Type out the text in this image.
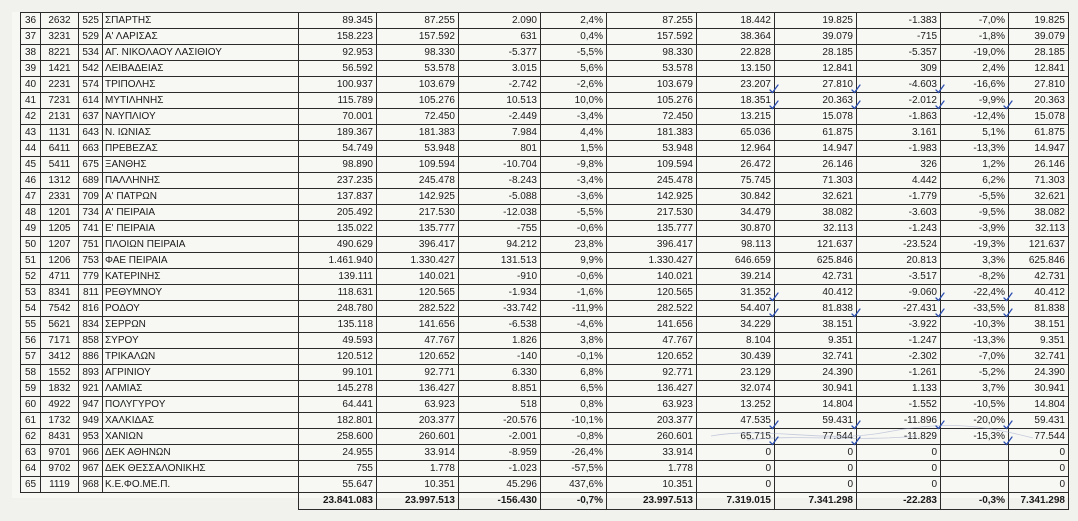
36	2632	525	ΣΠΑΡΤΗΣ	89.345	87.255	2.090	2,4%	87.255	18.442	19.825	-1.383	-7,0%	19.825
37	3231	529	Α' ΛΑΡΙΣΑΣ	158.223	157.592	631	0,4%	157.592	38.364	39.079	-715	-1,8%	39.079
38	8221	534	ΑΓ. ΝΙΚΟΛΑΟΥ ΛΑΣΙΘΙΟΥ	92.953	98.330	-5.377	-5,5%	98.330	22.828	28.185	-5.357	-19,0%	28.185
39	1421	542	ΛΕΙΒΑΔΕΙΑΣ	56.592	53.578	3.015	5,6%	53.578	13.150	12.841	309	2,4%	12.841
40	2231	574	ΤΡΙΠΟΛΗΣ	100.937	103.679	-2.742	-2,6%	103.679	23.207	27.810	-4.603	-16,6%	27.810
41	7231	614	ΜΥΤΙΛΗΝΗΣ	115.789	105.276	10.513	10,0%	105.276	18.351	20.363	-2.012	-9,9%	20.363
42	2131	637	ΝΑΥΠΛΙΟΥ	70.001	72.450	-2.449	-3,4%	72.450	13.215	15.078	-1.863	-12,4%	15.078
43	1131	643	Ν. ΙΩΝΙΑΣ	189.367	181.383	7.984	4,4%	181.383	65.036	61.875	3.161	5,1%	61.875
44	6411	663	ΠΡΕΒΕΖΑΣ	54.749	53.948	801	1,5%	53.948	12.964	14.947	-1.983	-13,3%	14.947
45	5411	675	ΞΑΝΘΗΣ	98.890	109.594	-10.704	-9,8%	109.594	26.472	26.146	326	1,2%	26.146
46	1312	689	ΠΑΛΛΗΝΗΣ	237.235	245.478	-8.243	-3,4%	245.478	75.745	71.303	4.442	6,2%	71.303
47	2331	709	Α' ΠΑΤΡΩΝ	137.837	142.925	-5.088	-3,6%	142.925	30.842	32.621	-1.779	-5,5%	32.621
48	1201	734	Α' ΠΕΙΡΑΙΑ	205.492	217.530	-12.038	-5,5%	217.530	34.479	38.082	-3.603	-9,5%	38.082
49	1205	741	Ε' ΠΕΙΡΑΙΑ	135.022	135.777	-755	-0,6%	135.777	30.870	32.113	-1.243	-3,9%	32.113
50	1207	751	ΠΛΟΙΩΝ ΠΕΙΡΑΙΑ	490.629	396.417	94.212	23,8%	396.417	98.113	121.637	-23.524	-19,3%	121.637
51	1206	753	ΦΑΕ ΠΕΙΡΑΙΑ	1.461.940	1.330.427	131.513	9,9%	1.330.427	646.659	625.846	20.813	3,3%	625.846
52	4711	779	ΚΑΤΕΡΙΝΗΣ	139.111	140.021	-910	-0,6%	140.021	39.214	42.731	-3.517	-8,2%	42.731
53	8341	811	ΡΕΘΥΜΝΟΥ	118.631	120.565	-1.934	-1,6%	120.565	31.352	40.412	-9.060	-22,4%	40.412
54	7542	816	ΡΟΔΟΥ	248.780	282.522	-33.742	-11,9%	282.522	54.407	81.838	-27.431	-33,5%	81.838
55	5621	834	ΣΕΡΡΩΝ	135.118	141.656	-6.538	-4,6%	141.656	34.229	38.151	-3.922	-10,3%	38.151
56	7171	858	ΣΥΡΟΥ	49.593	47.767	1.826	3,8%	47.767	8.104	9.351	-1.247	-13,3%	9.351
57	3412	886	ΤΡΙΚΑΛΩΝ	120.512	120.652	-140	-0,1%	120.652	30.439	32.741	-2.302	-7,0%	32.741
58	1552	893	ΑΓΡΙΝΙΟΥ	99.101	92.771	6.330	6,8%	92.771	23.129	24.390	-1.261	-5,2%	24.390
59	1832	921	ΛΑΜΙΑΣ	145.278	136.427	8.851	6,5%	136.427	32.074	30.941	1.133	3,7%	30.941
60	4922	947	ΠΟΛΥΓΥΡΟΥ	64.441	63.923	518	0,8%	63.923	13.252	14.804	-1.552	-10,5%	14.804
61	1732	949	ΧΑΛΚΙΔΑΣ	182.801	203.377	-20.576	-10,1%	203.377	47.535	59.431	-11.896	-20,0%	59.431
62	8431	953	ΧΑΝΙΩΝ	258.600	260.601	-2.001	-0,8%	260.601	65.715	77.544	-11.829	-15,3%	77.544
63	9701	966	ΔΕΚ ΑΘΗΝΩΝ	24.955	33.914	-8.959	-26,4%	33.914	0	0	0		0
64	9702	967	ΔΕΚ ΘΕΣΣΑΛΟΝΙΚΗΣ	755	1.778	-1.023	-57,5%	1.778	0	0	0		0
65	1119	968	Κ.Ε.ΦΟ.ΜΕ.Π.	55.647	10.351	45.296	437,6%	10.351	0	0	0		0
				23.841.083	23.997.513	-156.430	-0,7%	23.997.513	7.319.015	7.341.298	-22.283	-0,3%	7.341.298
